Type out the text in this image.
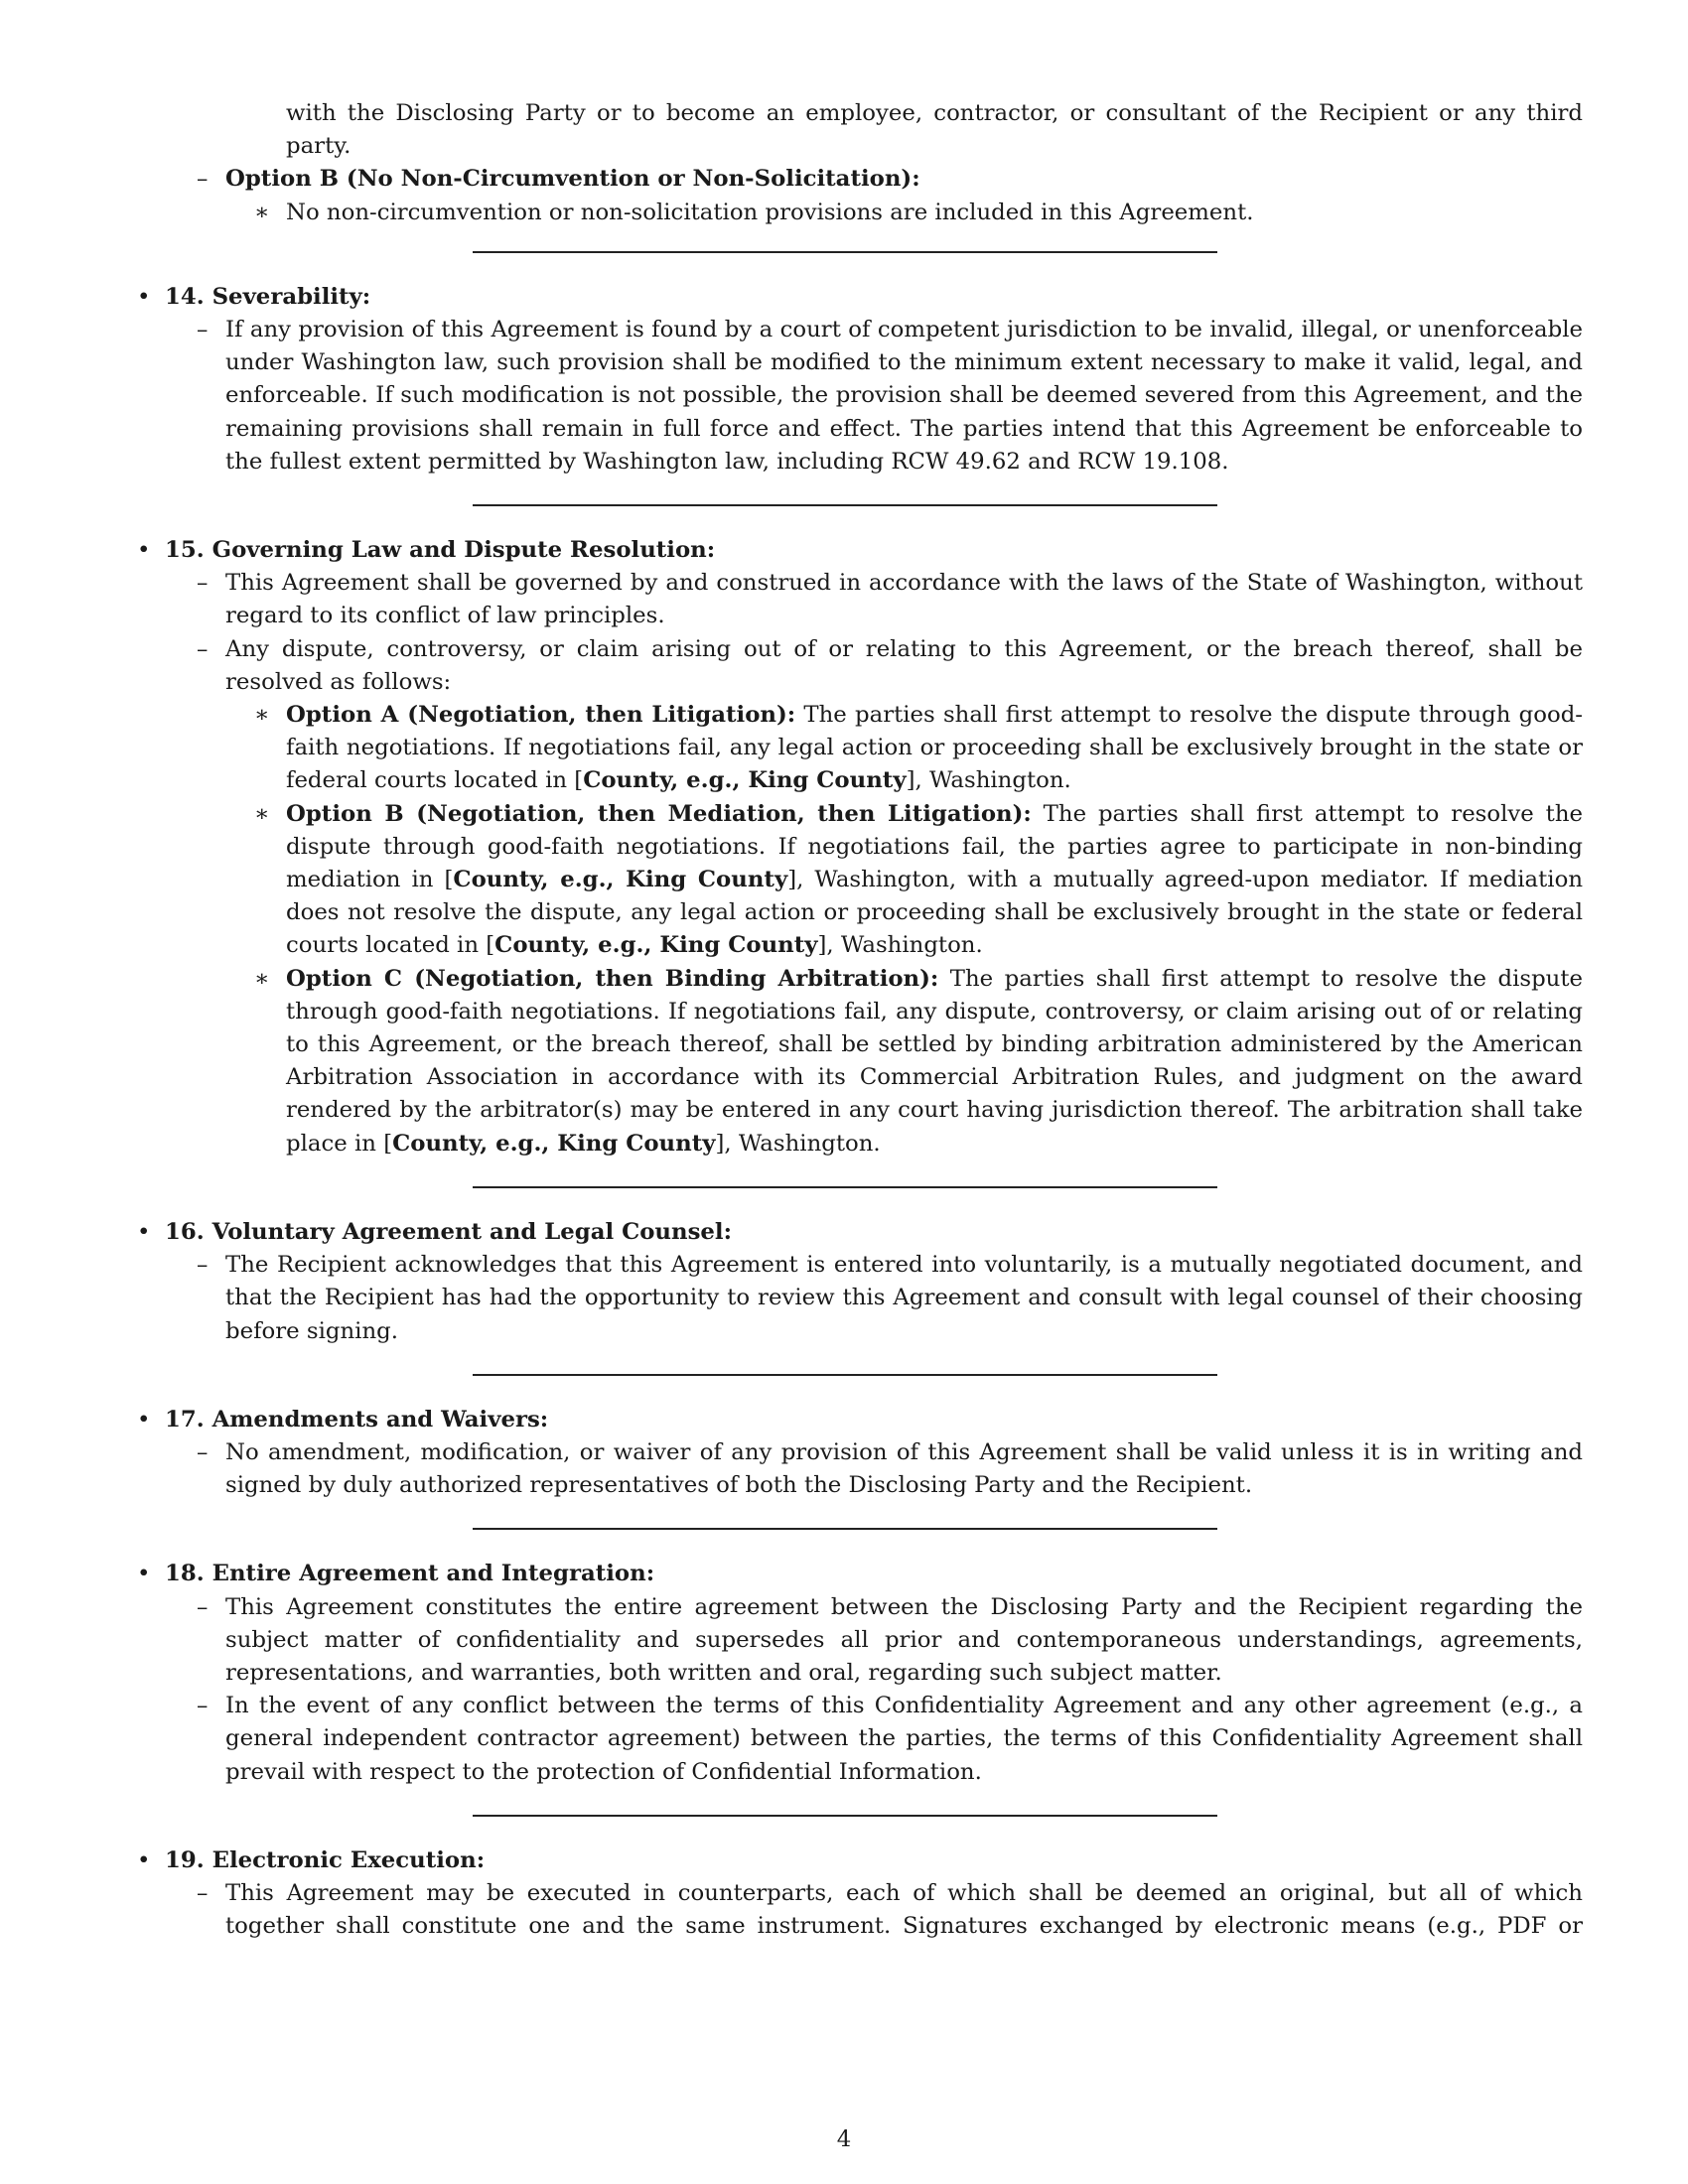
with the Disclosing Party or to become an employee, contractor, or consultant of the Recipient or any third party.
– Option B (No Non-Circumvention or Non-Solicitation):
∗ No non-circumvention or non-solicitation provisions are included in this Agreement.
• 14. Severability:
– If any provision of this Agreement is found by a court of competent jurisdiction to be invalid, illegal, or unenforceable under Washington law, such provision shall be modified to the minimum extent necessary to make it valid, legal, and enforceable. If such modification is not possible, the provision shall be deemed severed from this Agreement, and the remaining provisions shall remain in full force and effect. The parties intend that this Agreement be enforceable to the fullest extent permitted by Washington law, including RCW 49.62 and RCW 19.108.
• 15. Governing Law and Dispute Resolution:
– This Agreement shall be governed by and construed in accordance with the laws of the State of Washington, without regard to its conflict of law principles.
– Any dispute, controversy, or claim arising out of or relating to this Agreement, or the breach thereof, shall be resolved as follows:
∗ Option A (Negotiation, then Litigation): The parties shall first attempt to resolve the dispute through good-faith negotiations. If negotiations fail, any legal action or proceeding shall be exclusively brought in the state or federal courts located in [County, e.g., King County], Washington.
∗ Option B (Negotiation, then Mediation, then Litigation): The parties shall first attempt to resolve the dispute through good-faith negotiations. If negotiations fail, the parties agree to participate in non-binding mediation in [County, e.g., King County], Washington, with a mutually agreed-upon mediator. If mediation does not resolve the dispute, any legal action or proceeding shall be exclusively brought in the state or federal courts located in [County, e.g., King County], Washington.
∗ Option C (Negotiation, then Binding Arbitration): The parties shall first attempt to resolve the dispute through good-faith negotiations. If negotiations fail, any dispute, controversy, or claim arising out of or relating to this Agreement, or the breach thereof, shall be settled by binding arbitration administered by the American Arbitration Association in accordance with its Commercial Arbitration Rules, and judgment on the award rendered by the arbitrator(s) may be entered in any court having jurisdiction thereof. The arbitration shall take place in [County, e.g., King County], Washington.
• 16. Voluntary Agreement and Legal Counsel:
– The Recipient acknowledges that this Agreement is entered into voluntarily, is a mutually negotiated document, and that the Recipient has had the opportunity to review this Agreement and consult with legal counsel of their choosing before signing.
• 17. Amendments and Waivers:
– No amendment, modification, or waiver of any provision of this Agreement shall be valid unless it is in writing and signed by duly authorized representatives of both the Disclosing Party and the Recipient.
• 18. Entire Agreement and Integration:
– This Agreement constitutes the entire agreement between the Disclosing Party and the Recipient regarding the subject matter of confidentiality and supersedes all prior and contemporaneous understandings, agreements, representations, and warranties, both written and oral, regarding such subject matter.
– In the event of any conflict between the terms of this Confidentiality Agreement and any other agreement (e.g., a general independent contractor agreement) between the parties, the terms of this Confidentiality Agreement shall prevail with respect to the protection of Confidential Information.
• 19. Electronic Execution:
– This Agreement may be executed in counterparts, each of which shall be deemed an original, but all of which together shall constitute one and the same instrument. Signatures exchanged by electronic means (e.g., PDF or
4
